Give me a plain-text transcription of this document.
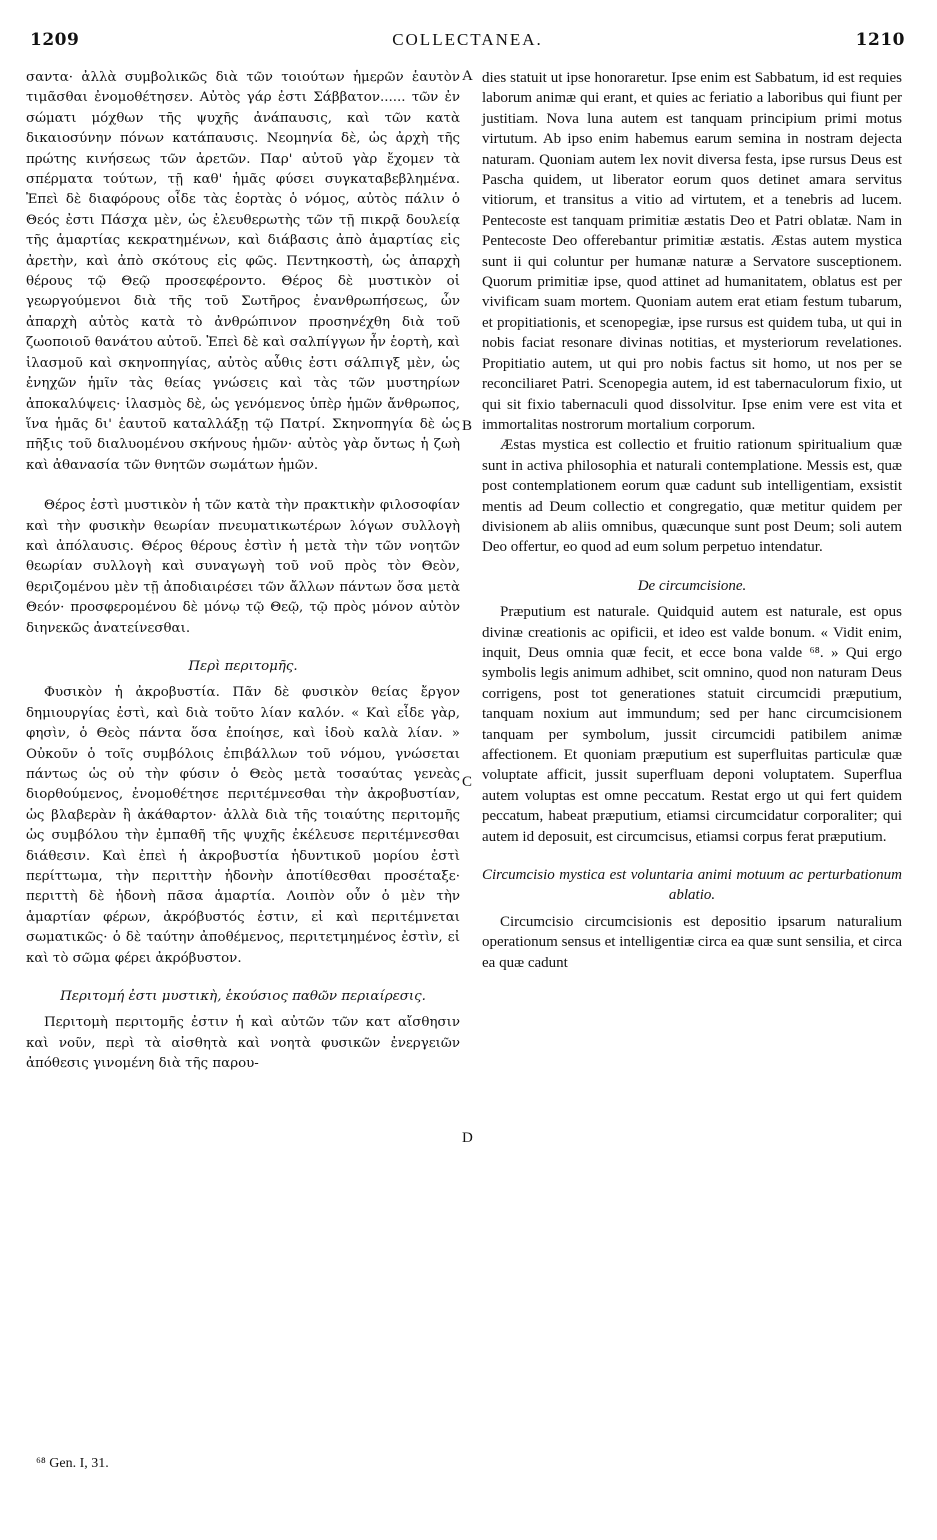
1209	COLLECTANEA.	1210

σαντα· ἀλλὰ συμβολικῶς διὰ τῶν τοιούτων ἡμερῶν ἑαυτὸν τιμᾶσθαι ἐνομοθέτησεν. Αὐτὸς γάρ ἐστι Σάββατον...... τῶν ἐν σώματι μόχθων τῆς ψυχῆς ἀνάπαυσις, καὶ τῶν κατὰ δικαιοσύνην πόνων κατάπαυσις. Νεομηνία δὲ, ὡς ἀρχὴ τῆς πρώτης κινήσεως τῶν ἀρετῶν. Παρ' αὐτοῦ γὰρ ἔχομεν τὰ σπέρματα τούτων, τῇ καθ' ἡμᾶς φύσει συγκαταβεβλημένα. Ἐπεὶ δὲ διαφόρους οἶδε τὰς ἑορτὰς ὁ νόμος, αὐτὸς πάλιν ὁ Θεός ἐστι Πάσχα μὲν, ὡς ἐλευθερωτὴς τῶν τῇ πικρᾷ δουλείᾳ τῆς ἁμαρτίας κεκρατημένων, καὶ διάβασις ἀπὸ ἁμαρτίας εἰς ἀρετὴν, καὶ ἀπὸ σκότους εἰς φῶς. Πεντηκοστὴ, ὡς ἀπαρχὴ θέρους τῷ Θεῷ προσεφέροντο. Θέρος δὲ μυστικὸν οἱ γεωργούμενοι διὰ τῆς τοῦ Σωτῆρος ἐνανθρωπήσεως, ὧν ἀπαρχὴ αὐτὸς κατὰ τὸ ἀνθρώπινον προσηνέχθη διὰ τοῦ ζωοποιοῦ θανάτου αὐτοῦ. Ἐπεὶ δὲ καὶ σαλπίγγων ἦν ἑορτὴ, καὶ ἱλασμοῦ καὶ σκηνοπηγίας, αὐτὸς αὖθις ἐστι σάλπιγξ μὲν, ὡς ἐνηχῶν ἡμῖν τὰς θείας γνώσεις καὶ τὰς τῶν μυστηρίων ἀποκαλύψεις· ἱλασμὸς δὲ, ὡς γενόμενος ὑπὲρ ἡμῶν ἄνθρωπος, ἵνα ἡμᾶς δι' ἑαυτοῦ καταλλάξῃ τῷ Πατρί. Σκηνοπηγία δὲ ὡς πῆξις τοῦ διαλυομένου σκήνους ἡμῶν· αὐτὸς γὰρ ὄντως ἡ ζωὴ καὶ ἀθανασία τῶν θνητῶν σωμάτων ἡμῶν.

Θέρος ἐστὶ μυστικὸν ἡ τῶν κατὰ τὴν πρακτικὴν φιλοσοφίαν καὶ τὴν φυσικὴν θεωρίαν πνευματικωτέρων λόγων συλλογὴ καὶ ἀπόλαυσις. Θέρος θέρους ἐστὶν ἡ μετὰ τὴν τῶν νοητῶν θεωρίαν συλλογὴ καὶ συναγωγὴ τοῦ νοῦ πρὸς τὸν Θεὸν, θεριζομένου μὲν τῇ ἀποδιαιρέσει τῶν ἄλλων πάντων ὅσα μετὰ Θεόν· προσφερομένου δὲ μόνῳ τῷ Θεῷ, τῷ πρὸς μόνον αὐτὸν διηνεκῶς ἀνατείνεσθαι.

Περὶ περιτομῆς.

Φυσικὸν ἡ ἀκροβυστία. Πᾶν δὲ φυσικὸν θείας ἔργον δημιουργίας ἐστὶ, καὶ διὰ τοῦτο λίαν καλόν. « Καὶ εἶδε γὰρ, φησὶν, ὁ Θεὸς πάντα ὅσα ἐποίησε, καὶ ἰδοὺ καλὰ λίαν. » Οὐκοῦν ὁ τοῖς συμβόλοις ἐπιβάλλων τοῦ νόμου, γνώσεται πάντως ὡς οὐ τὴν φύσιν ὁ Θεὸς μετὰ τοσαύτας γενεὰς διορθούμενος, ἐνομοθέτησε περιτέμνεσθαι τὴν ἀκροβυστίαν, ὡς βλαβερὰν ἢ ἀκάθαρτον· ἀλλὰ διὰ τῆς τοιαύτης περιτομῆς ὡς συμβόλου τὴν ἐμπαθῆ τῆς ψυχῆς ἐκέλευσε περιτέμνεσθαι διάθεσιν. Καὶ ἐπεὶ ἡ ἀκροβυστία ἡδυντικοῦ μορίου ἐστὶ περίττωμα, τὴν περιττὴν ἡδονὴν ἀποτίθεσθαι προσέταξε· περιττὴ δὲ ἡδονὴ πᾶσα ἁμαρτία. Λοιπὸν οὖν ὁ μὲν τὴν ἁμαρτίαν φέρων, ἀκρόβυστός ἐστιν, εἰ καὶ περιτέμνεται σωματικῶς· ὁ δὲ ταύτην ἀποθέμενος, περιτετμημένος ἐστὶν, εἰ καὶ τὸ σῶμα φέρει ἀκρόβυστον.

Περιτομή ἐστι μυστικὴ, ἑκούσιος παθῶν περιαίρεσις.

Περιτομὴ περιτομῆς ἐστιν ἡ καὶ αὐτῶν τῶν κατ αἴσθησιν καὶ νοῦν, περὶ τὰ αἰσθητὰ καὶ νοητὰ φυσικῶν ἐνεργειῶν ἀπόθεσις γινομένη διὰ τῆς παρου-

A
B
C
D

dies statuit ut ipse honoraretur. Ipse enim est Sabbatum, id est requies laborum animæ qui erant, et quies ac feriatio a laboribus qui fiunt per justitiam. Nova luna autem est tanquam principium primi motus virtutum. Ab ipso enim habemus earum semina in nostram dejecta naturam. Quoniam autem lex novit diversa festa, ipse rursus Deus est Pascha quidem, ut liberator eorum quos detinet amara servitus vitiorum, et transitus a vitio ad virtutem, et a tenebris ad lucem. Pentecoste est tanquam primitiæ æstatis Deo et Patri oblatæ. Nam in Pentecoste Deo offerebantur primitiæ æstatis. Æstas autem mystica sunt ii qui coluntur per humanæ naturæ a Servatore susceptionem. Quorum primitiæ ipse, quod attinet ad humanitatem, oblatus est per vivificam suam mortem. Quoniam autem erat etiam festum tubarum, et propitiationis, et scenopegiæ, ipse rursus est quidem tuba, ut qui in nobis faciat resonare divinas notitias, et mysteriorum revelationes. Propitiatio autem, ut qui pro nobis factus sit homo, ut nos per se reconciliaret Patri. Scenopegia autem, id est tabernaculorum fixio, ut qui sit fixio tabernaculi quod dissolvitur. Ipse enim vere est vita et immortalitas nostrorum mortalium corporum.

Æstas mystica est collectio et fruitio rationum spiritualium quæ sunt in activa philosophia et naturali contemplatione. Messis est, quæ post contemplationem eorum quæ cadunt sub intelligentiam, exsistit mentis ad Deum collectio et congregatio, quæ metitur quidem per divisionem ab aliis omnibus, quæcunque sunt post Deum; soli autem Deo offertur, eo quod ad eum solum perpetuo intendatur.

De circumcisione.

Præputium est naturale. Quidquid autem est naturale, est opus divinæ creationis ac opificii, et ideo est valde bonum. « Vidit enim, inquit, Deus omnia quæ fecit, et ecce bona valde ⁶⁸. » Qui ergo symbolis legis animum adhibet, scit omnino, quod non naturam Deus corrigens, post tot generationes statuit circumcidi præputium, tanquam noxium aut immundum; sed per hanc circumcisionem tanquam per symbolum, jussit circumcidi patibilem animæ affectionem. Et quoniam præputium est superfluitas particulæ quæ voluptate afficit, jussit superfluam deponi voluptatem. Superflua autem voluptas est omne peccatum. Restat ergo ut qui fert quidem peccatum, habeat præputium, etiamsi circumcidatur corporaliter; qui autem id deposuit, est circumcisus, etiamsi corpus ferat præputium.

Circumcisio mystica est voluntaria animi motuum ac perturbationum ablatio.

Circumcisio circumcisionis est depositio ipsarum naturalium operationum sensus et intelligentiæ circa ea quæ sunt sensilia, et circa ea quæ cadunt

⁶⁸ Gen. I, 31.
